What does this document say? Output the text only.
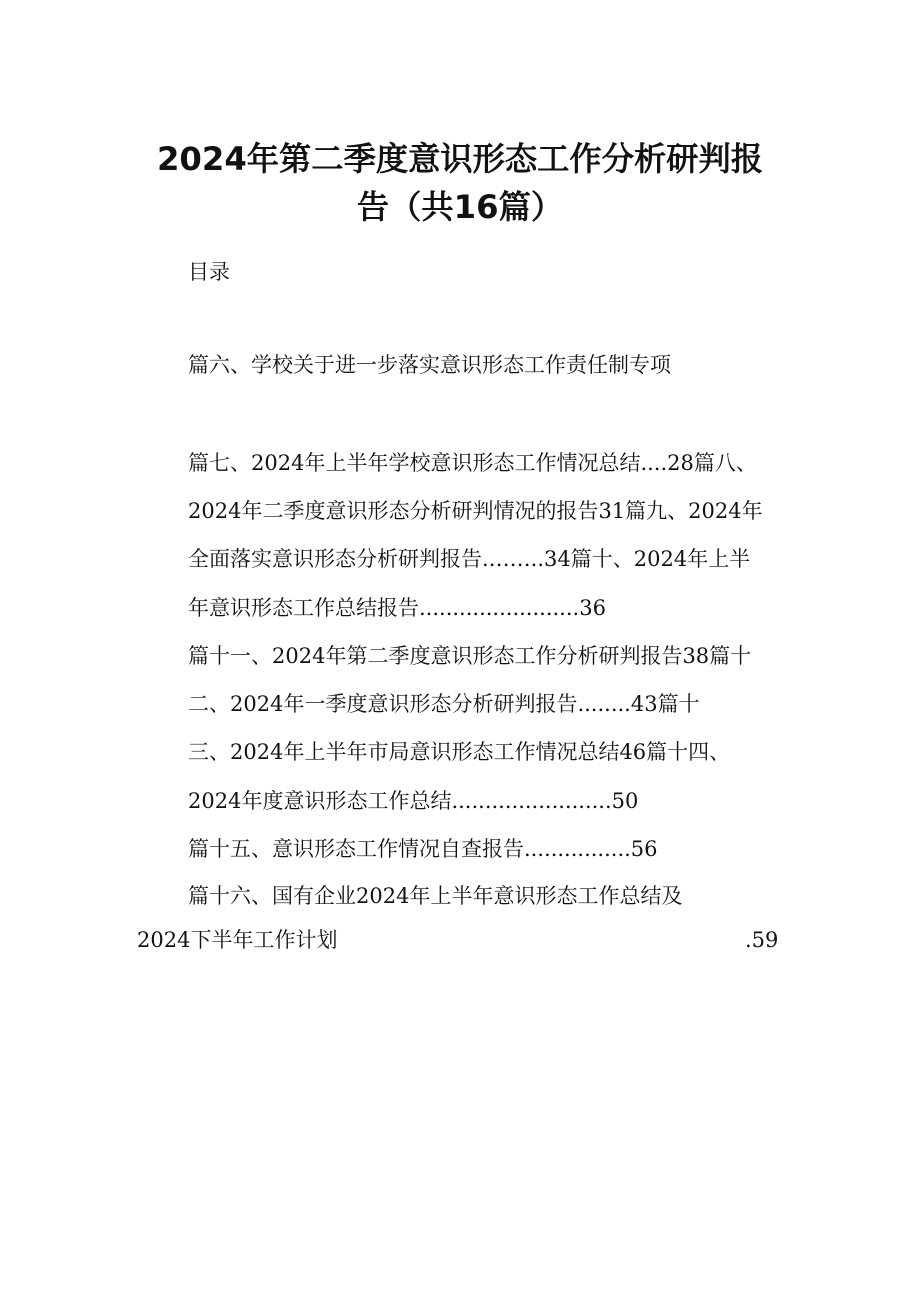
2024年第二季度意识形态工作分析研判报
告（共16篇）
目录
篇六、学校关于进一步落实意识形态工作责任制专项
篇七、2024年上半年学校意识形态工作情况总结....28篇八、
2024年二季度意识形态分析研判情况的报告31篇九、2024年
全面落实意识形态分析研判报告.……..34篇十、2024年上半
年意识形态工作总结报告........................36
篇十一、2024年第二季度意识形态工作分析研判报告38篇十
二、2024年一季度意识形态分析研判报告........43篇十
三、2024年上半年市局意识形态工作情况总结46篇十四、
2024年度意识形态工作总结........................50
篇十五、意识形态工作情况自查报告................56
篇十六、国有企业2024年上半年意识形态工作总结及
2024下半年工作计划	.59
